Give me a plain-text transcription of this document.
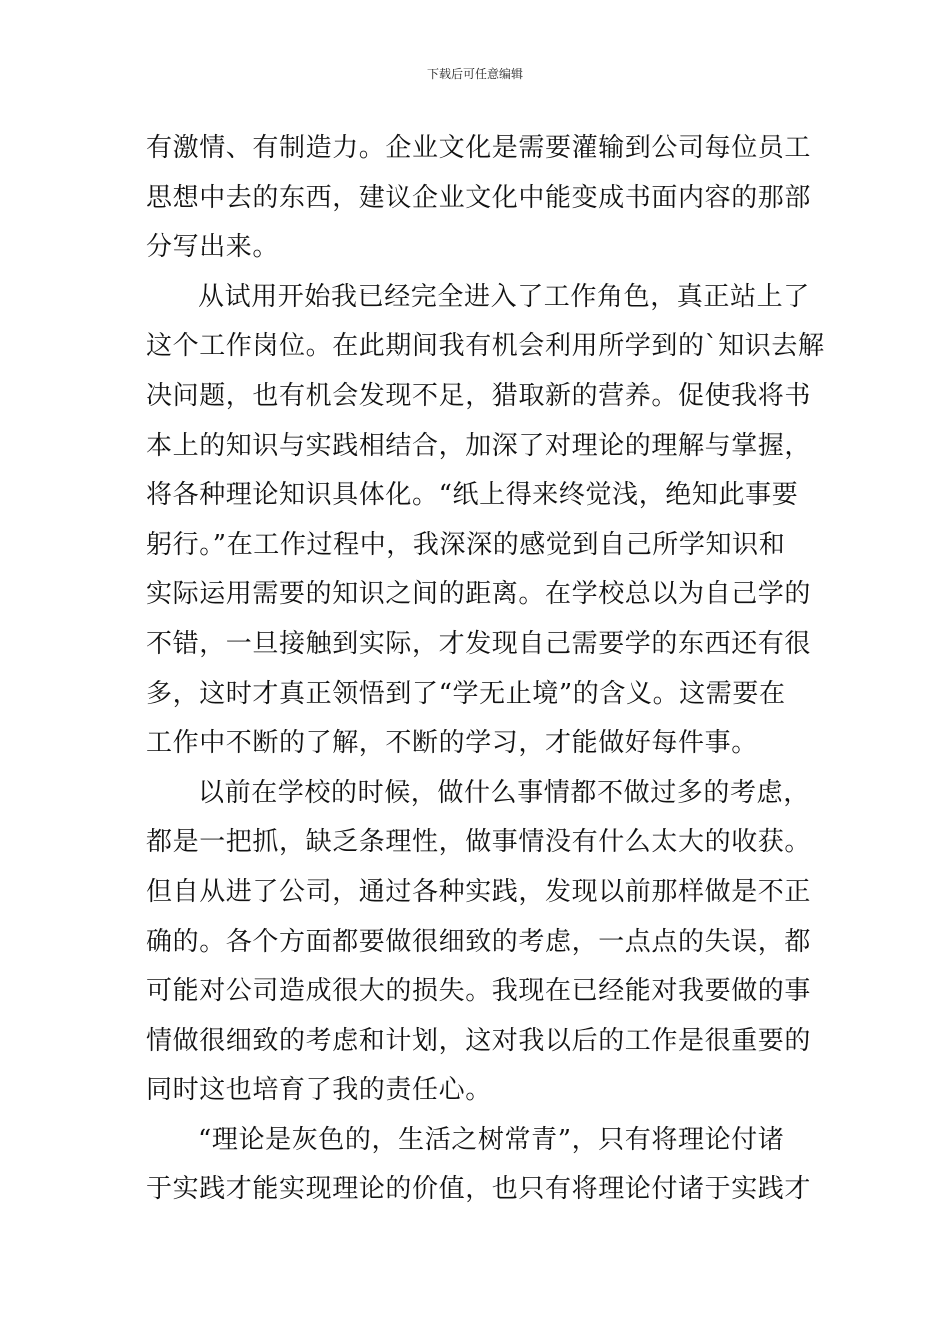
下载后可任意编辑
有激情、有制造力。企业文化是需要灌输到公司每位员工
思想中去的东西，建议企业文化中能变成书面内容的那部
分写出来。
从试用开始我已经完全进入了工作角色，真正站上了
这个工作岗位。在此期间我有机会利用所学到的`知识去解
决问题，也有机会发现不足，猎取新的营养。促使我将书
本上的知识与实践相结合，加深了对理论的理解与掌握，
将各种理论知识具体化。“纸上得来终觉浅，绝知此事要
躬行。”在工作过程中，我深深的感觉到自己所学知识和
实际运用需要的知识之间的距离。在学校总以为自己学的
不错，一旦接触到实际，才发现自己需要学的东西还有很
多，这时才真正领悟到了“学无止境”的含义。这需要在
工作中不断的了解，不断的学习，才能做好每件事。
以前在学校的时候，做什么事情都不做过多的考虑，
都是一把抓，缺乏条理性，做事情没有什么太大的收获。
但自从进了公司，通过各种实践，发现以前那样做是不正
确的。各个方面都要做很细致的考虑，一点点的失误，都
可能对公司造成很大的损失。我现在已经能对我要做的事
情做很细致的考虑和计划，这对我以后的工作是很重要的
同时这也培育了我的责任心。
“理论是灰色的，生活之树常青”，只有将理论付诸
于实践才能实现理论的价值，也只有将理论付诸于实践才
